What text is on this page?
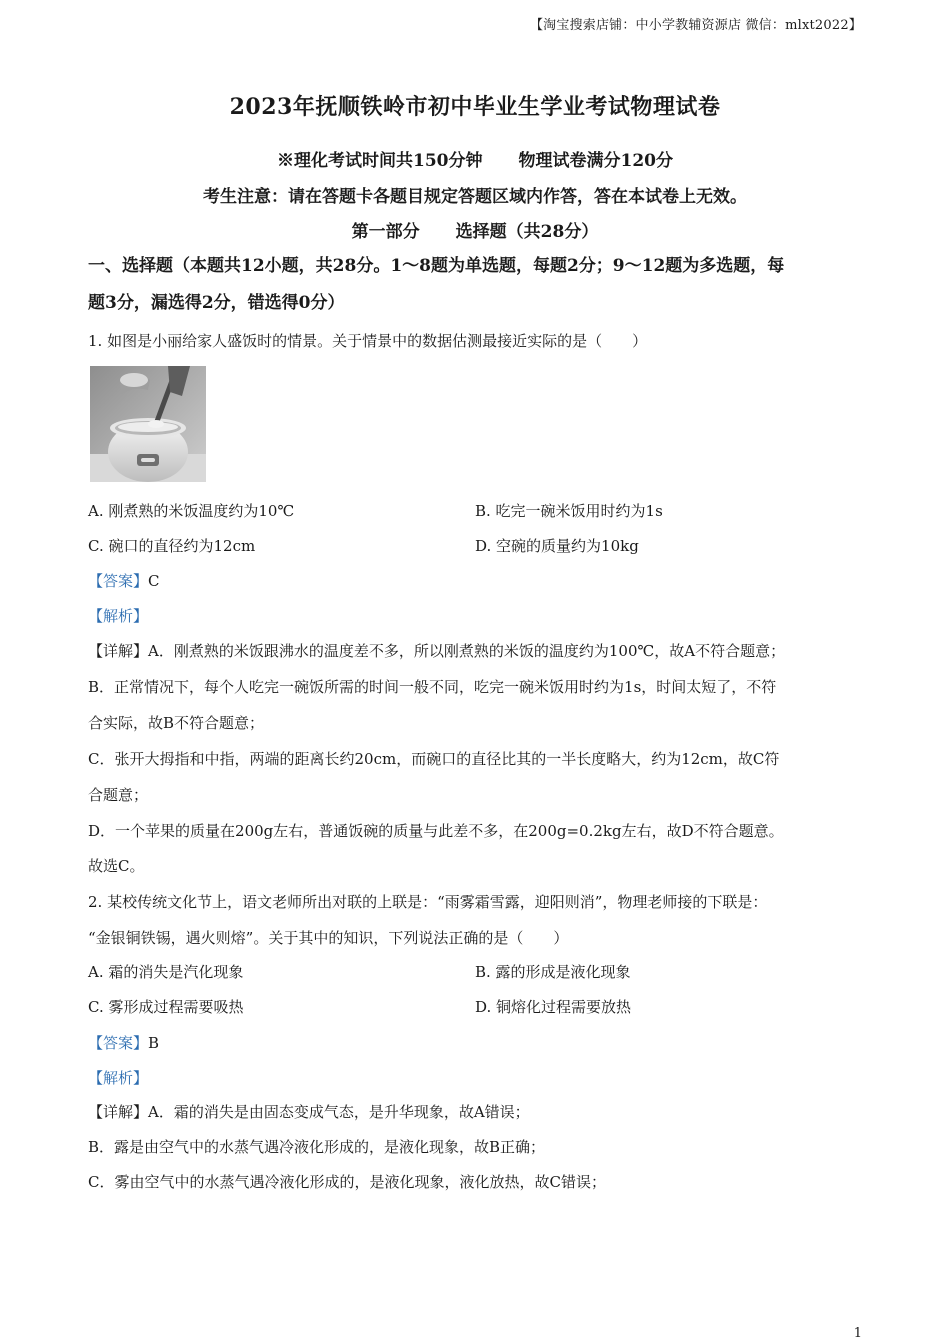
【淘宝搜索店铺：中小学教辅资源店 微信：mlxt2022】
2023年抚顺铁岭市初中毕业生学业考试物理试卷
※理化考试时间共150分钟 物理试卷满分120分
考生注意：请在答题卡各题目规定答题区域内作答，答在本试卷上无效。
第一部分 选择题（共28分）
一、选择题（本题共12小题，共28分。1～8题为单选题，每题2分；9～12题为多选题，每
题3分，漏选得2分，错选得0分）
1. 如图是小丽给家人盛饭时的情景。关于情景中的数据估测最接近实际的是（　　）
A. 刚煮熟的米饭温度约为10℃	B. 吃完一碗米饭用时约为1s
C. 碗口的直径约为12cm	D. 空碗的质量约为10kg
【答案】C
【解析】
【详解】A．刚煮熟的米饭跟沸水的温度差不多，所以刚煮熟的米饭的温度约为100℃，故A不符合题意；
B．正常情况下，每个人吃完一碗饭所需的时间一般不同，吃完一碗米饭用时约为1s，时间太短了，不符
合实际，故B不符合题意；
C．张开大拇指和中指，两端的距离长约20cm，而碗口的直径比其的一半长度略大，约为12cm，故C符
合题意；
D．一个苹果的质量在200g左右，普通饭碗的质量与此差不多，在200g=0.2kg左右，故D不符合题意。
故选C。
2. 某校传统文化节上，语文老师所出对联的上联是：“雨雾霜雪露，迎阳则消”，物理老师接的下联是：
“金银铜铁锡，遇火则熔”。关于其中的知识，下列说法正确的是（　　）
A. 霜的消失是汽化现象	B. 露的形成是液化现象
C. 雾形成过程需要吸热	D. 铜熔化过程需要放热
【答案】B
【解析】
【详解】A．霜的消失是由固态变成气态，是升华现象，故A错误；
B．露是由空气中的水蒸气遇冷液化形成的，是液化现象，故B正确；
C．雾由空气中的水蒸气遇冷液化形成的，是液化现象，液化放热，故C错误；
1
